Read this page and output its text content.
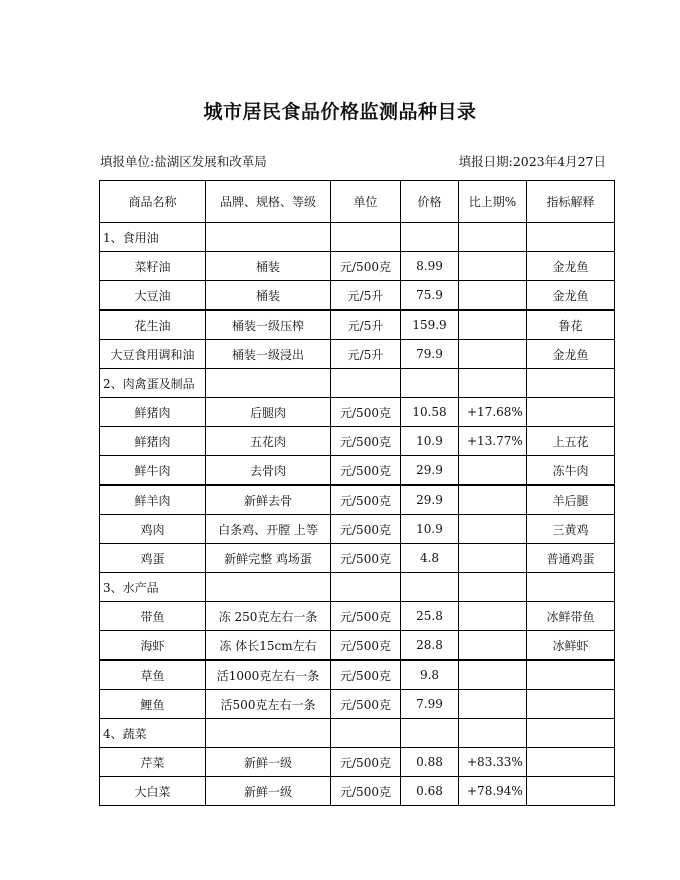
城市居民食品价格监测品种目录
填报单位:盐湖区发展和改革局	填报日期:2023年4月27日
商品名称	品牌、规格、等级	单位	价格	比上期%	指标解释
1、食用油					
菜籽油	桶装	元/500克	8.99		金龙鱼
大豆油	桶装	元/5升	75.9		金龙鱼
花生油	桶装一级压榨	元/5升	159.9		鲁花
大豆食用调和油	桶装一级浸出	元/5升	79.9		金龙鱼
2、肉禽蛋及制品					
鲜猪肉	后腿肉	元/500克	10.58	+17.68%	
鲜猪肉	五花肉	元/500克	10.9	+13.77%	上五花
鲜牛肉	去骨肉	元/500克	29.9		冻牛肉
鲜羊肉	新鲜去骨	元/500克	29.9		羊后腿
鸡肉	白条鸡、开膛 上等	元/500克	10.9		三黄鸡
鸡蛋	新鲜完整 鸡场蛋	元/500克	4.8		普通鸡蛋
3、水产品					
带鱼	冻 250克左右一条	元/500克	25.8		冰鲜带鱼
海虾	冻 体长15cm左右	元/500克	28.8		冰鲜虾
草鱼	活1000克左右一条	元/500克	9.8		
鲤鱼	活500克左右一条	元/500克	7.99		
4、蔬菜					
芹菜	新鲜一级	元/500克	0.88	+83.33%	
大白菜	新鲜一级	元/500克	0.68	+78.94%	
